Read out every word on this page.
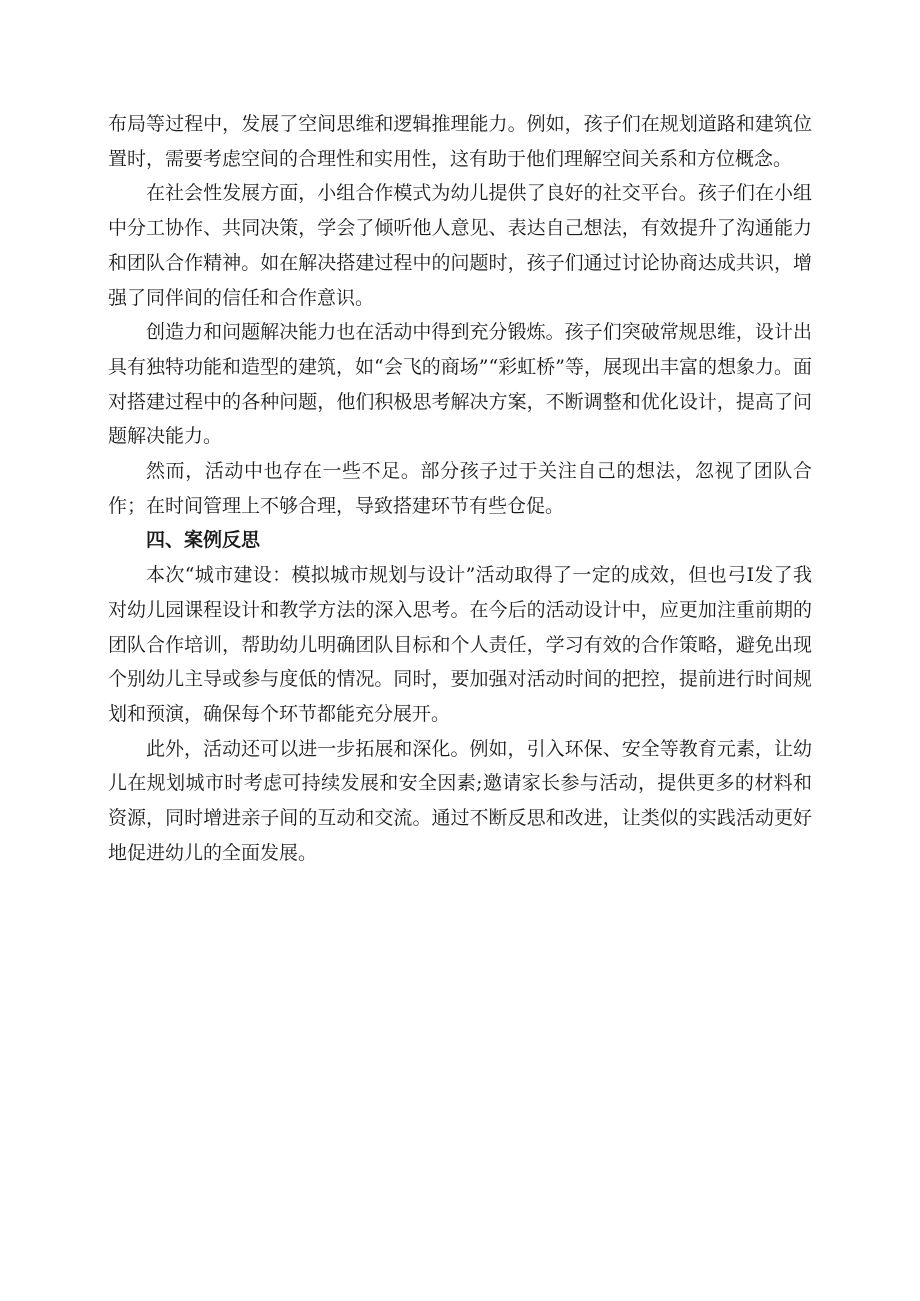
布局等过程中，发展了空间思维和逻辑推理能力。例如，孩子们在规划道路和建筑位置时，需要考虑空间的合理性和实用性，这有助于他们理解空间关系和方位概念。

在社会性发展方面，小组合作模式为幼儿提供了良好的社交平台。孩子们在小组中分工协作、共同决策，学会了倾听他人意见、表达自己想法，有效提升了沟通能力和团队合作精神。如在解决搭建过程中的问题时，孩子们通过讨论协商达成共识，增强了同伴间的信任和合作意识。

创造力和问题解决能力也在活动中得到充分锻炼。孩子们突破常规思维，设计出具有独特功能和造型的建筑，如“会飞的商场”“彩虹桥”等，展现出丰富的想象力。面对搭建过程中的各种问题，他们积极思考解决方案，不断调整和优化设计，提高了问题解决能力。

然而，活动中也存在一些不足。部分孩子过于关注自己的想法，忽视了团队合作；在时间管理上不够合理，导致搭建环节有些仓促。

四、案例反思

本次“城市建设：模拟城市规划与设计”活动取得了一定的成效，但也弓I发了我对幼儿园课程设计和教学方法的深入思考。在今后的活动设计中，应更加注重前期的团队合作培训，帮助幼儿明确团队目标和个人责任，学习有效的合作策略，避免出现个别幼儿主导或参与度低的情况。同时，要加强对活动时间的把控，提前进行时间规划和预演，确保每个环节都能充分展开。

此外，活动还可以进一步拓展和深化。例如，引入环保、安全等教育元素，让幼儿在规划城市时考虑可持续发展和安全因素;邀请家长参与活动，提供更多的材料和资源，同时增进亲子间的互动和交流。通过不断反思和改进，让类似的实践活动更好地促进幼儿的全面发展。
